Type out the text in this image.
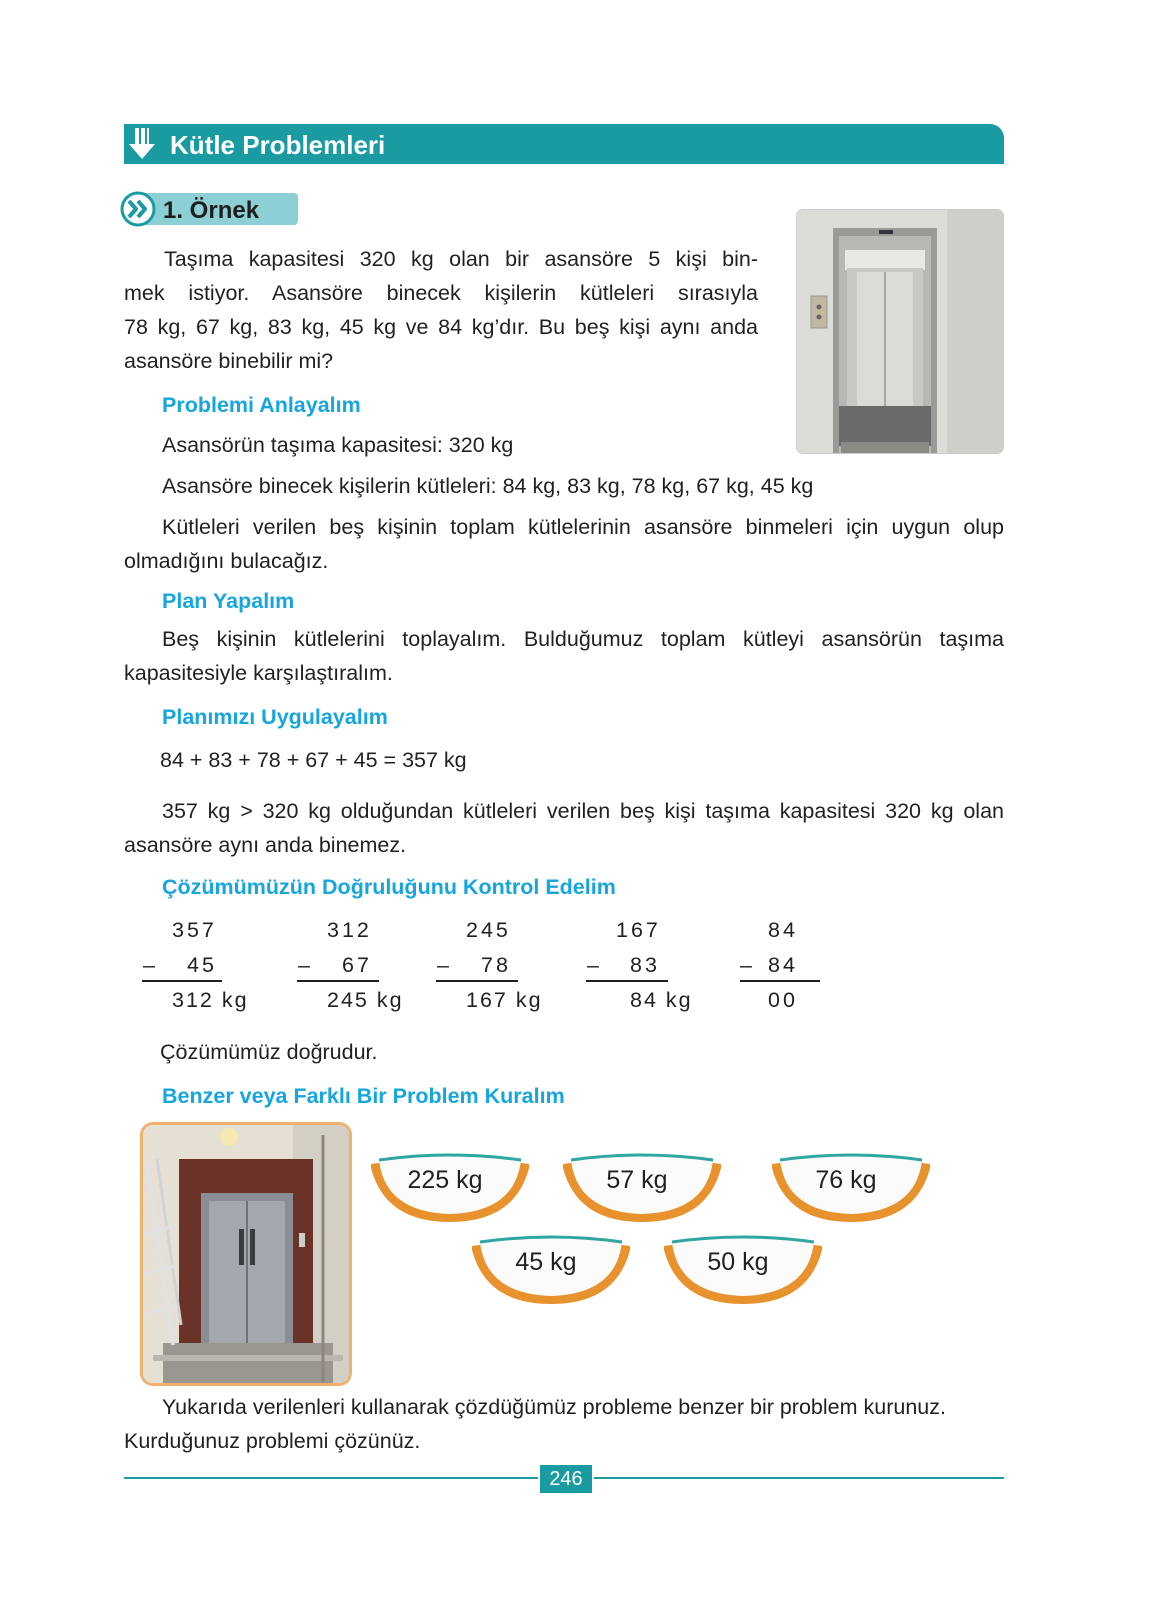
Kütle Problemleri
1. Örnek
Taşıma kapasitesi 320 kg olan bir asansöre 5 kişi bin-
mek istiyor. Asansöre binecek kişilerin kütleleri sırasıyla
78 kg, 67 kg, 83 kg, 45 kg ve 84 kg’dır. Bu beş kişi aynı anda
asansöre binebilir mi?
Problemi Anlayalım
Asansörün taşıma kapasitesi: 320 kg
Asansöre binecek kişilerin kütleleri: 84 kg, 83 kg, 78 kg, 67 kg, 45 kg
Kütleleri verilen beş kişinin toplam kütlelerinin asansöre binmeleri için uygun olup
olmadığını bulacağız.
Plan Yapalım
Beş kişinin kütlelerini toplayalım. Bulduğumuz toplam kütleyi asansörün taşıma
kapasitesiyle karşılaştıralım.
Planımızı Uygulayalım
84 + 83 + 78 + 67 + 45 = 357 kg
357 kg > 320 kg olduğundan kütleleri verilen beş kişi taşıma kapasitesi 320 kg olan
asansöre aynı anda binemez.
Çözümümüzün Doğruluğunu Kontrol Edelim
357
– 45
312 kg
312
– 67
245 kg
245
– 78
167 kg
167
– 83
84 kg
84
– 84
00
Çözümümüz doğrudur.
Benzer veya Farklı Bir Problem Kuralım
225 kg	57 kg	76 kg
45 kg	50 kg
Yukarıda verilenleri kullanarak çözdüğümüz probleme benzer bir problem kurunuz.
Kurduğunuz problemi çözünüz.
246
